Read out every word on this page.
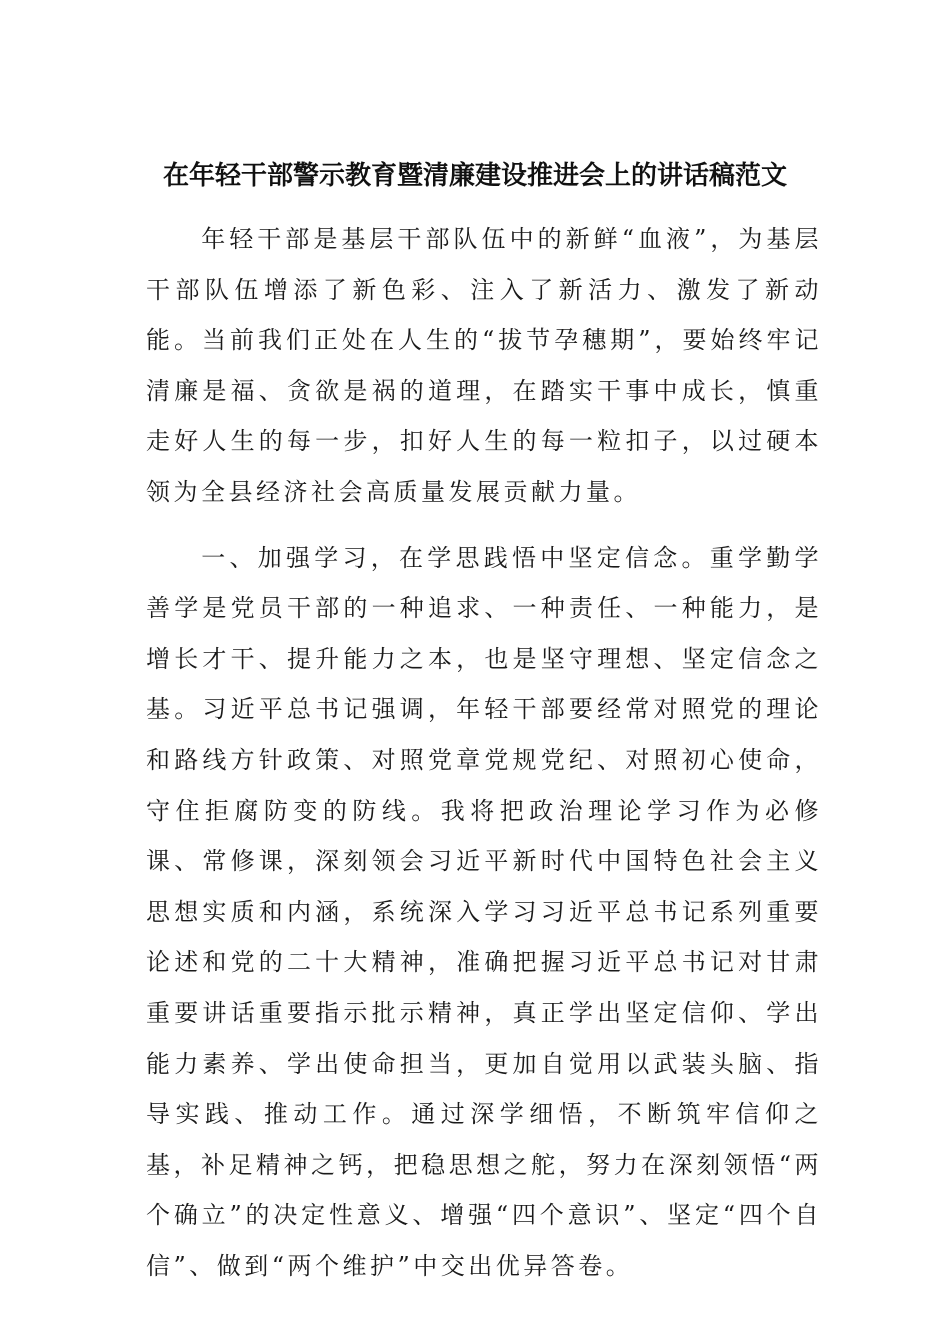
在年轻干部警示教育暨清廉建设推进会上的讲话稿范文

年轻干部是基层干部队伍中的新鲜“血液”，为基层干部队伍增添了新色彩、注入了新活力、激发了新动能。当前我们正处在人生的“拔节孕穗期”，要始终牢记清廉是福、贪欲是祸的道理，在踏实干事中成长，慎重走好人生的每一步，扣好人生的每一粒扣子，以过硬本领为全县经济社会高质量发展贡献力量。

一、加强学习，在学思践悟中坚定信念。重学勤学善学是党员干部的一种追求、一种责任、一种能力，是增长才干、提升能力之本，也是坚守理想、坚定信念之基。习近平总书记强调，年轻干部要经常对照党的理论和路线方针政策、对照党章党规党纪、对照初心使命，守住拒腐防变的防线。我将把政治理论学习作为必修课、常修课，深刻领会习近平新时代中国特色社会主义思想实质和内涵，系统深入学习习近平总书记系列重要论述和党的二十大精神，准确把握习近平总书记对甘肃重要讲话重要指示批示精神，真正学出坚定信仰、学出能力素养、学出使命担当，更加自觉用以武装头脑、指导实践、推动工作。通过深学细悟，不断筑牢信仰之基，补足精神之钙，把稳思想之舵，努力在深刻领悟“两个确立”的决定性意义、增强“四个意识”、坚定“四个自信”、做到“两个维护”中交出优异答卷。
